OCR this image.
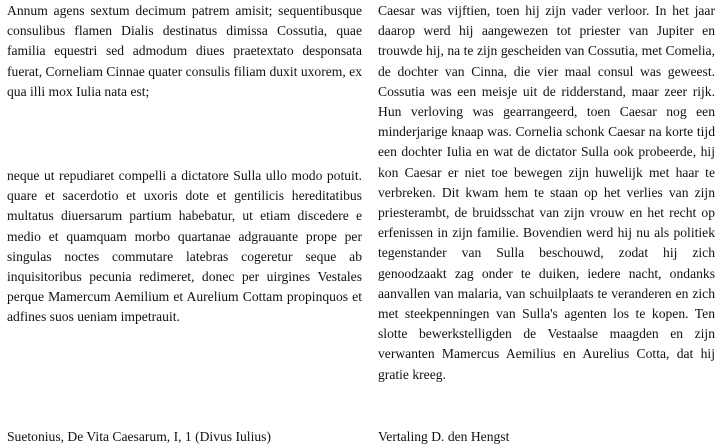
Annum agens sextum decimum patrem amisit; sequentibusque consulibus flamen Dialis destinatus dimissa Cossutia, quae familia equestri sed admodum diues praetextato desponsata fuerat, Corneliam Cinnae quater consulis filiam duxit uxorem, ex qua illi mox Iulia nata est;

neque ut repudiaret compelli a dictatore Sulla ullo modo potuit. quare et sacerdotio et uxoris dote et gentilicis hereditatibus multatus diuersarum partium habebatur, ut etiam discedere e medio et quamquam morbo quartanae adgrauante prope per singulas noctes commutare latebras cogeretur seque ab inquisitoribus pecunia redimeret, donec per uirgines Vestales perque Mamercum Aemilium et Aurelium Cottam propinquos et adfines suos ueniam impetrauit.

Caesar was vijftien, toen hij zijn vader verloor. In het jaar daarop werd hij aangewezen tot priester van Jupiter en trouwde hij, na te zijn gescheiden van Cossutia, met Comelia, de dochter van Cinna, die vier maal consul was geweest. Cossutia was een meisje uit de ridderstand, maar zeer rijk. Hun verloving was gearrangeerd, toen Caesar nog een minderjarige knaap was. Cornelia schonk Caesar na korte tijd een dochter Iulia en wat de dictator Sulla ook probeerde, hij kon Caesar er niet toe bewegen zijn huwelijk met haar te verbreken. Dit kwam hem te staan op het verlies van zijn priesterambt, de bruidsschat van zijn vrouw en het recht op erfenissen in zijn familie. Bovendien werd hij nu als politiek tegenstander van Sulla beschouwd, zodat hij zich genoodzaakt zag onder te duiken, iedere nacht, ondanks aanvallen van malaria, van schuilplaats te veranderen en zich met steekpenningen van Sulla's agenten los te kopen. Ten slotte bewerkstelligden de Vestaalse maagden en zijn verwanten Mamercus Aemilius en Aurelius Cotta, dat hij gratie kreeg.

Suetonius, De Vita Caesarum, I, 1 (Divus Iulius)	Vertaling D. den Hengst
